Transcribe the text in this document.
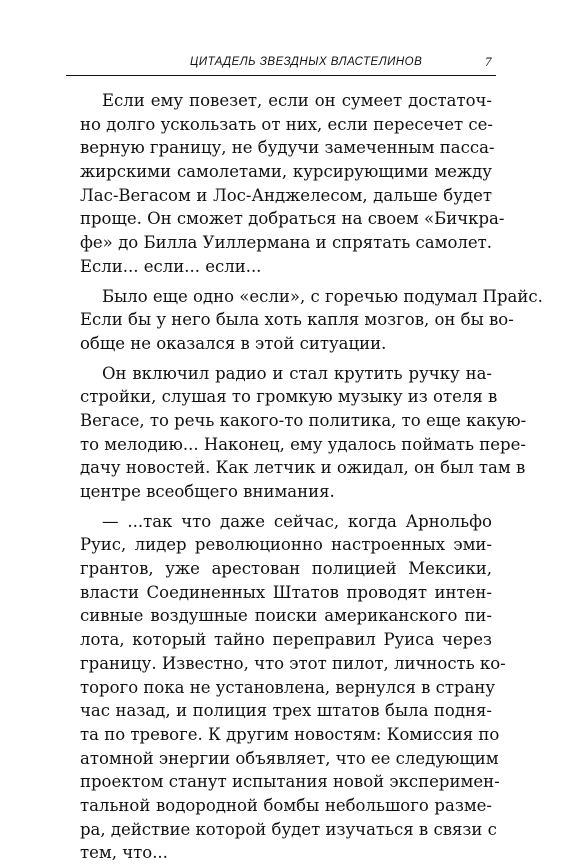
ЦИТАДЕЛЬ ЗВЕЗДНЫХ ВЛАСТЕЛИНОВ	7
Если ему повезет, если он сумеет достаточ-
но долго ускользать от них, если пересечет се-
верную границу, не будучи замеченным пасса-
жирскими самолетами, курсирующими между
Лас-Вегасом и Лос-Анджелесом, дальше будет
проще. Он сможет добраться на своем «Бичкра-
фе» до Билла Уиллермана и спрятать самолет.
Если... если... если...
Было еще одно «если», с горечью подумал Прайс.
Если бы у него была хоть капля мозгов, он бы во-
обще не оказался в этой ситуации.
Он включил радио и стал крутить ручку на-
стройки, слушая то громкую музыку из отеля в
Вегасе, то речь какого-то политика, то еще какую-
то мелодию... Наконец, ему удалось поймать пере-
дачу новостей. Как летчик и ожидал, он был там в
центре всеобщего внимания.
— ...так что даже сейчас, когда Арнольфо
Руис, лидер революционно настроенных эми-
грантов, уже арестован полицией Мексики,
власти Соединенных Штатов проводят интен-
сивные воздушные поиски американского пи-
лота, который тайно переправил Руиса через
границу. Известно, что этот пилот, личность ко-
торого пока не установлена, вернулся в страну
час назад, и полиция трех штатов была подня-
та по тревоге. К другим новостям: Комиссия по
атомной энергии объявляет, что ее следующим
проектом станут испытания новой эксперимен-
тальной водородной бомбы небольшого разме-
ра, действие которой будет изучаться в связи с
тем, что...
